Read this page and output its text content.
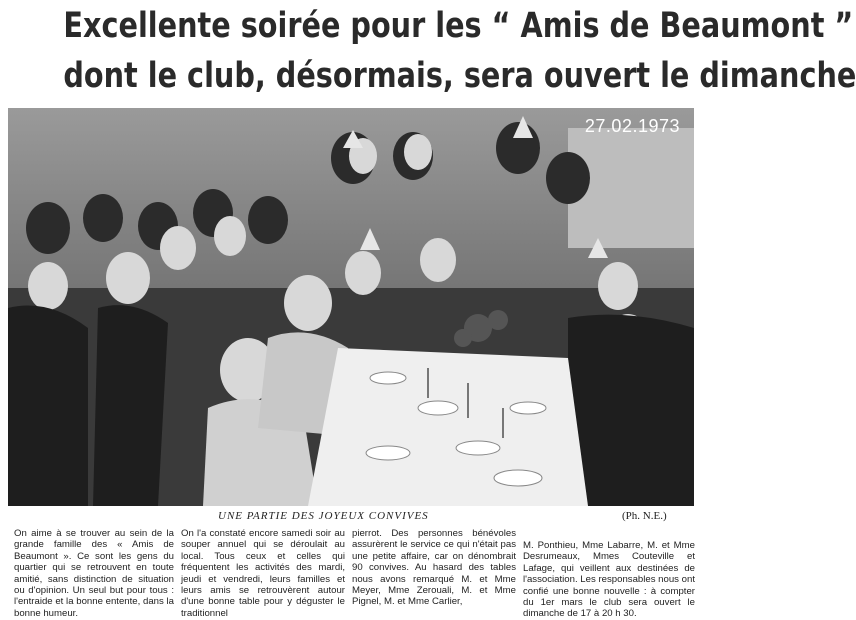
Excellente soirée pour les “ Amis de Beaumont ”
dont le club, désormais, sera ouvert le dimanche
27.02.1973
UNE PARTIE DES JOYEUX CONVIVES	(Ph. N.E.)
On aime à se trouver au sein de la grande famille des « Amis de Beaumont ». Ce sont les gens du quartier qui se retrouvent en toute amitié, sans distinction de situation ou d'opinion. Un seul but pour tous : l'entraide et la bonne entente, dans la bonne humeur.
On l'a constaté encore samedi soir au souper annuel qui se déroulait au local. Tous ceux et celles qui fréquentent les activités des mardi, jeudi et vendredi, leurs familles et leurs amis se retrouvèrent autour d'une bonne table pour y déguster le traditionnel
pierrot. Des personnes bénévoles assurèrent le service ce qui n'était pas une petite affaire, car on dénombrait 90 convives. Au hasard des tables nous avons remarqué M. et Mme Meyer, Mme Zerouali, M. et Mme Pignel, M. et Mme Carlier,
M. Ponthieu, Mme Labarre, M. et Mme Desrumeaux, Mmes Couteville et Lafage, qui veillent aux destinées de l'association. Les responsables nous ont confié une bonne nouvelle : à compter du 1er mars le club sera ouvert le dimanche de 17 à 20 h 30.
